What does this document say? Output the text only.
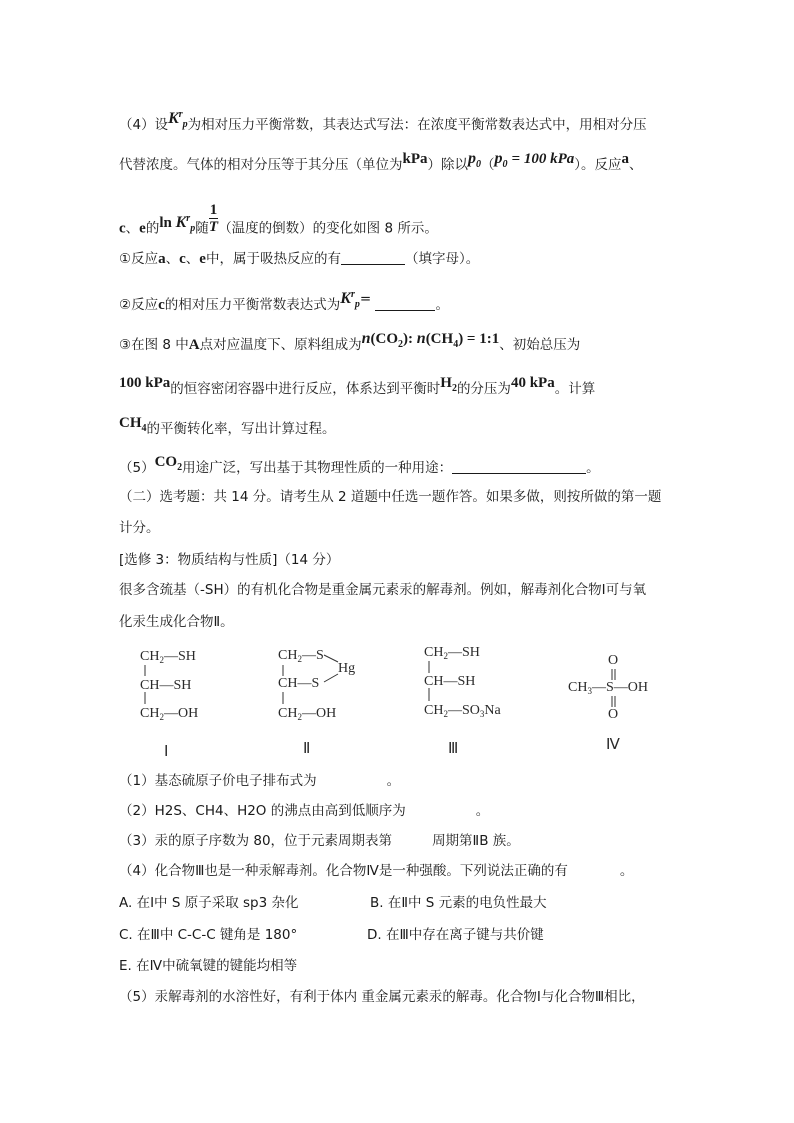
（4）设$K^r_p$为相对压力平衡常数，其表达式写法：在浓度平衡常数表达式中，用相对分压
代替浓度。气体的相对分压等于其分压（单位为kPa）除以$p_0(p_0 = 100$ kPa）。反应a、
c、e的$\ln K^r_p$随 $\frac{1}{T}$ （温度的倒数）的变化如图 8 所示。
①反应a、c、e中，属于吸热反应的有	（填字母）。
②反应c的相对压力平衡常数表达式为$K^r_p=$	。
③在图 8 中A点对应温度下、原料组成为$n(CO_2)$: $n(CH_4)$ = 1:1、初始总压为
100 kPa的恒容密闭容器中进行反应，体系达到平衡时$H_2$的分压为40 kPa。计算
$CH_4$的平衡转化率，写出计算过程。
$(5)CO_2$用途广泛，写出基于其物理性质的一种用途：	。
（二）选考题：共 14 分。请考生从 2 道题中任选一题作答。如果多做，则按所做的第一题
计分。
[选修 3：物质结构与性质]（14 分）
很多含巯基（-SH）的有机化合物是重金属元素汞的解毒剂。例如，解毒剂化合物Ⅰ可与氧
化汞生成化合物Ⅱ。
$CH_2—SH$
CH—SH
$CH_2—OH$
Ⅰ
$CH_2—S$
Hg
CH—S
$CH_2—OH$
Ⅱ
$CH_2—SH$
CH—SH
$CH_2—SO_3Na$
Ⅲ
O
$CH_3—S—OH$
O
Ⅳ
（1）基态硫原子价电子排布式为	。
（2）H2S、CH4、H2O 的沸点由高到低顺序为	。
（3）汞的原子序数为 80，位于元素周期表第	周期第ⅡB 族。
（4）化合物Ⅲ也是一种汞解毒剂。化合物Ⅳ是一种强酸。下列说法正确的有	。
A. 在Ⅰ中 S 原子采取 sp3 杂化	B. 在Ⅱ中 S 元素的电负性最大
C. 在Ⅲ中 C-C-C 键角是 180°	D. 在Ⅲ中存在离子键与共价键
E. 在Ⅳ中硫氧键的键能均相等
（5）汞解毒剂的水溶性好，有利于体内 重金属元素汞的解毒。化合物Ⅰ与化合物Ⅲ相比，
